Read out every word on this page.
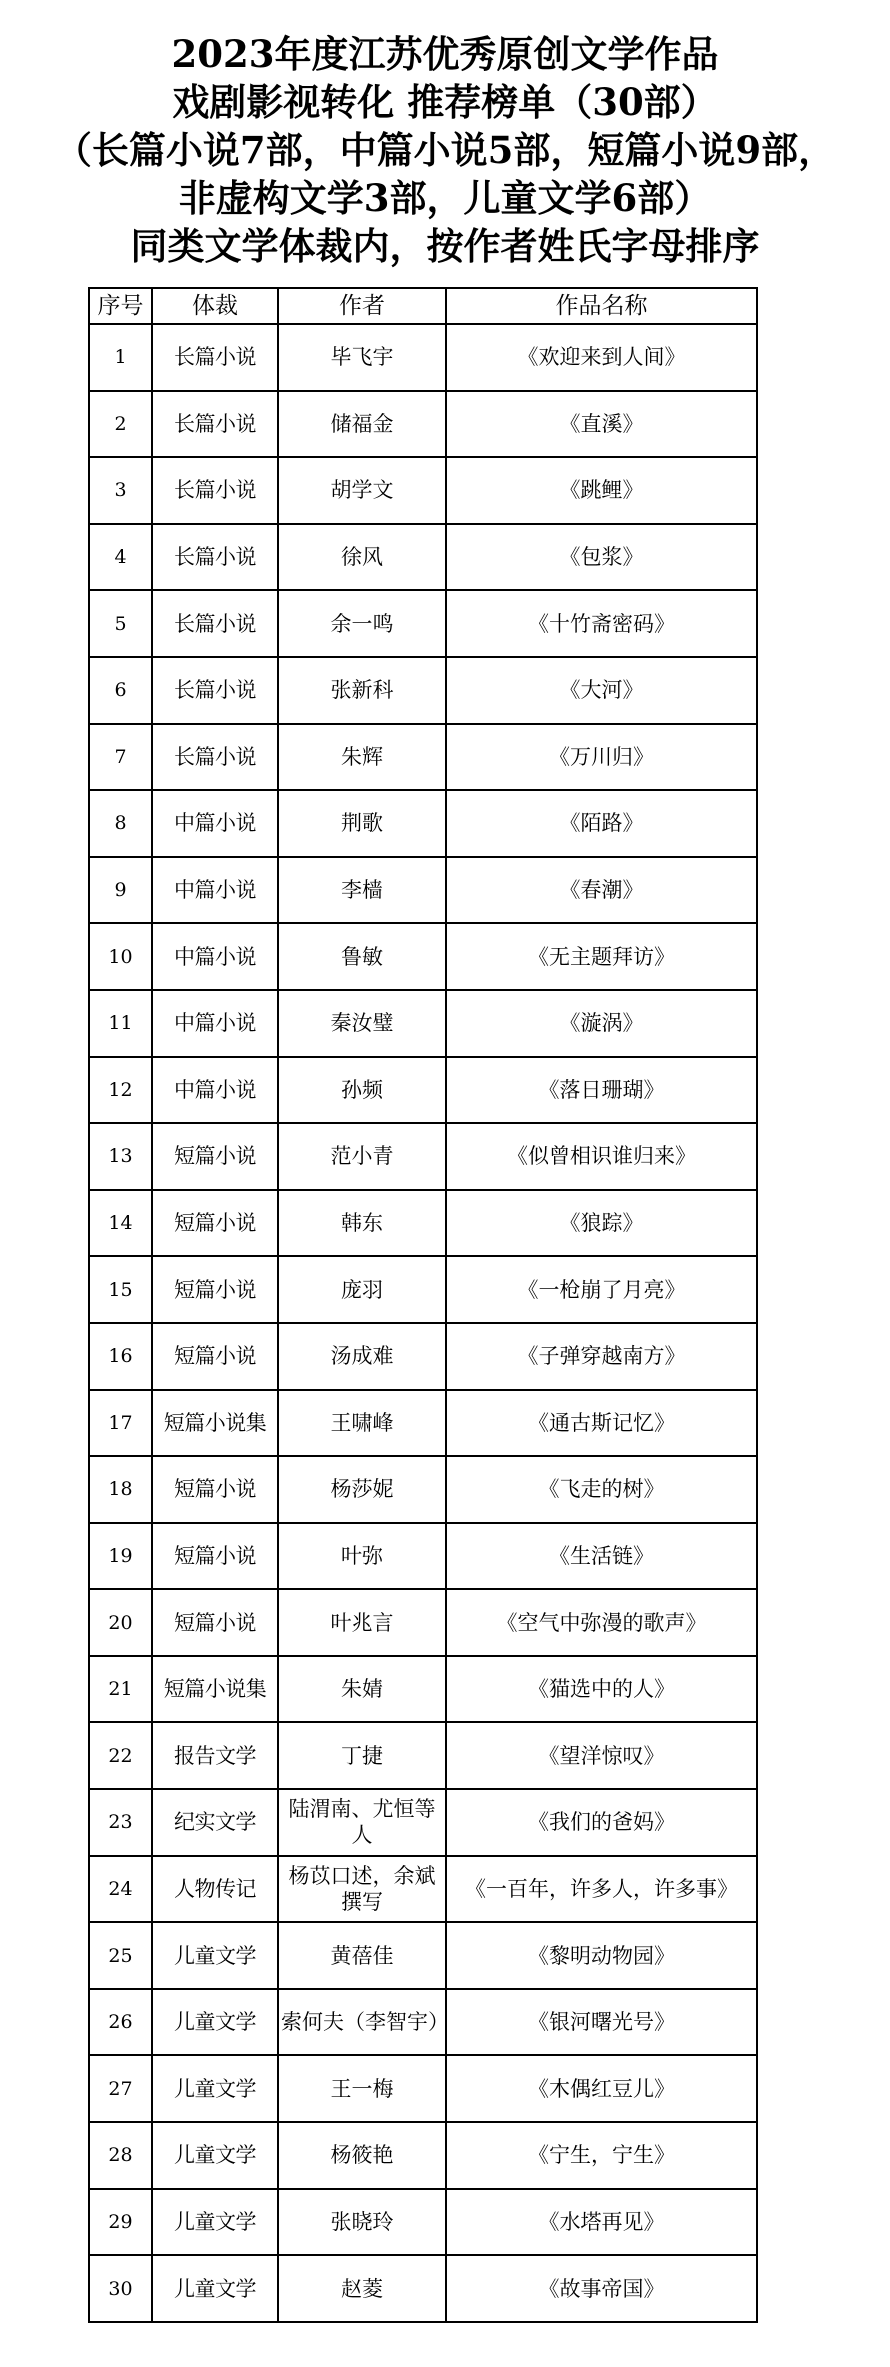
2023年度江苏优秀原创文学作品
戏剧影视转化 推荐榜单（30部）
（长篇小说7部，中篇小说5部，短篇小说9部，
非虚构文学3部，儿童文学6部）
同类文学体裁内，按作者姓氏字母排序
序号	体裁	作者	作品名称
1	长篇小说	毕飞宇	《欢迎来到人间》
2	长篇小说	储福金	《直溪》
3	长篇小说	胡学文	《跳鲤》
4	长篇小说	徐风	《包浆》
5	长篇小说	余一鸣	《十竹斋密码》
6	长篇小说	张新科	《大河》
7	长篇小说	朱辉	《万川归》
8	中篇小说	荆歌	《陌路》
9	中篇小说	李樯	《春潮》
10	中篇小说	鲁敏	《无主题拜访》
11	中篇小说	秦汝璧	《漩涡》
12	中篇小说	孙频	《落日珊瑚》
13	短篇小说	范小青	《似曾相识谁归来》
14	短篇小说	韩东	《狼踪》
15	短篇小说	庞羽	《一枪崩了月亮》
16	短篇小说	汤成难	《子弹穿越南方》
17	短篇小说集	王啸峰	《通古斯记忆》
18	短篇小说	杨莎妮	《飞走的树》
19	短篇小说	叶弥	《生活链》
20	短篇小说	叶兆言	《空气中弥漫的歌声》
21	短篇小说集	朱婧	《猫选中的人》
22	报告文学	丁捷	《望洋惊叹》
23	纪实文学	陆渭南、尤恒等人	《我们的爸妈》
24	人物传记	杨苡口述，余斌撰写	《一百年，许多人，许多事》
25	儿童文学	黄蓓佳	《黎明动物园》
26	儿童文学	索何夫（李智宇）	《银河曙光号》
27	儿童文学	王一梅	《木偶红豆儿》
28	儿童文学	杨筱艳	《宁生，宁生》
29	儿童文学	张晓玲	《水塔再见》
30	儿童文学	赵菱	《故事帝国》
